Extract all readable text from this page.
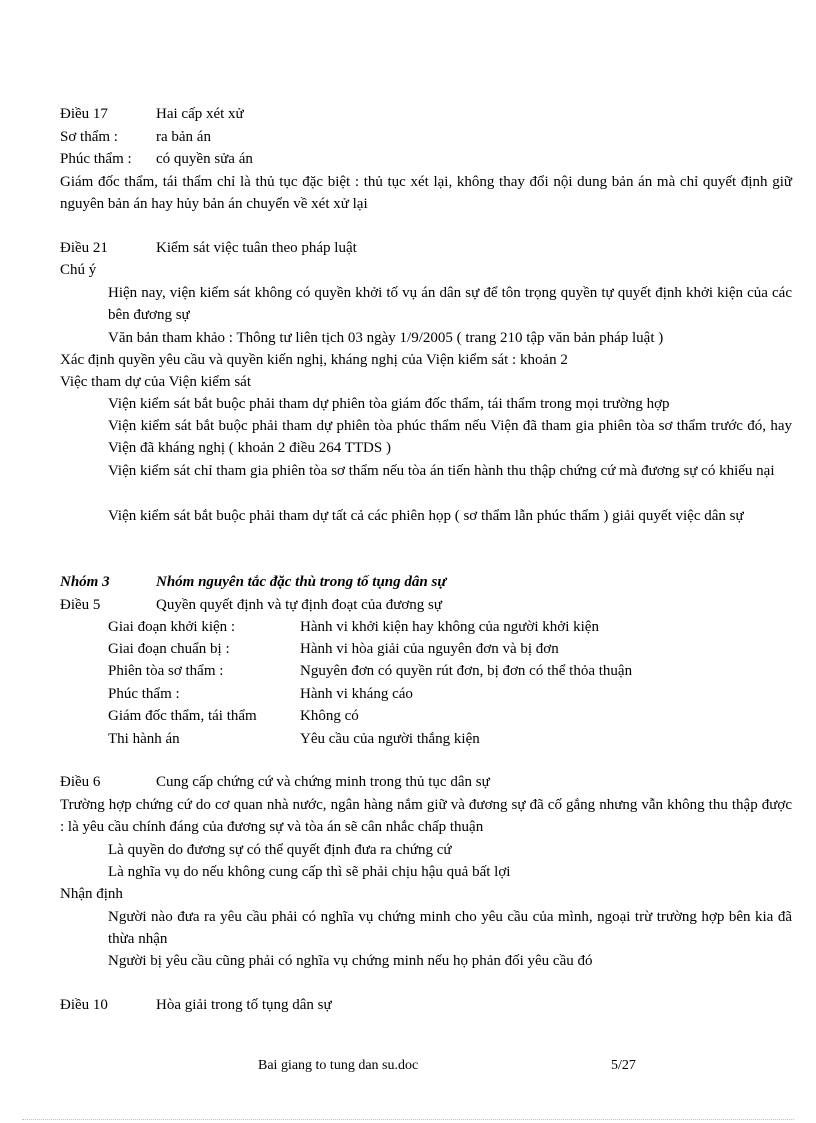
Điều 17	Hai cấp xét xử
Sơ thẩm :	ra bản án
Phúc thẩm : có quyền sửa án
Giám đốc thẩm, tái thẩm chỉ là thủ tục đặc biệt : thủ tục xét lại, không thay đổi nội dung bản án mà chỉ quyết định giữ nguyên bản án hay hủy bản án chuyển về xét xử lại
Điều 21	Kiểm sát việc tuân theo pháp luật
Chú ý
Hiện nay, viện kiểm sát không có quyền khởi tố vụ án dân sự để tôn trọng quyền tự quyết định khởi kiện của các bên đương sự
Văn bản tham khảo : Thông tư liên tịch 03 ngày 1/9/2005 ( trang 210 tập văn bản pháp luật )
Xác định quyền yêu cầu và quyền kiến nghị, kháng nghị của Viện kiểm sát : khoản 2
Việc tham dự của Viện kiểm sát
Viện kiểm sát bắt buộc phải tham dự phiên tòa giám đốc thẩm, tái thẩm trong mọi trường hợp
Viện kiểm sát bắt buộc phải tham dự phiên tòa phúc thẩm nếu Viện đã tham gia phiên tòa sơ thẩm trước đó, hay Viện đã kháng nghị ( khoản 2 điều 264 TTDS )
Viện kiểm sát chỉ tham gia phiên tòa sơ thẩm nếu tòa án tiến hành thu thập chứng cứ mà đương sự có khiếu nại
Viện kiểm sát bắt buộc phải tham dự tất cả các phiên họp ( sơ thẩm lẫn phúc thẩm ) giải quyết việc dân sự
Nhóm 3	Nhóm nguyên tắc đặc thù trong tố tụng dân sự
Điều 5	Quyền quyết định và tự định đoạt của đương sự
Giai đoạn khởi kiện :	Hành vi khởi kiện hay không của người khởi kiện
Giai đoạn chuẩn bị :	Hành vi hòa giải của nguyên đơn và bị đơn
Phiên tòa sơ thẩm :	Nguyên đơn có quyền rút đơn, bị đơn có thể thỏa thuận
Phúc thẩm :	Hành vi kháng cáo
Giám đốc thẩm, tái thẩm	Không có
Thi hành án	Yêu cầu của người thắng kiện
Điều 6	Cung cấp chứng cứ và chứng minh trong thủ tục dân sự
Trường hợp chứng cứ do cơ quan nhà nước, ngân hàng nắm giữ và đương sự đã cố gắng nhưng vẫn không thu thập được : là yêu cầu chính đáng của đương sự và tòa án sẽ cân nhắc chấp thuận
Là quyền do đương sự có thể quyết định đưa ra chứng cứ
Là nghĩa vụ do nếu không cung cấp thì sẽ phải chịu hậu quả bất lợi
Nhận định
Người nào đưa ra yêu cầu phải có nghĩa vụ chứng minh cho yêu cầu của mình, ngoại trừ trường hợp bên kia đã thừa nhận
Người bị yêu cầu cũng phải có nghĩa vụ chứng minh nếu họ phản đối yêu cầu đó
Điều 10	Hòa giải trong tố tụng dân sự
Bai giang to tung dan su.doc	5/27
